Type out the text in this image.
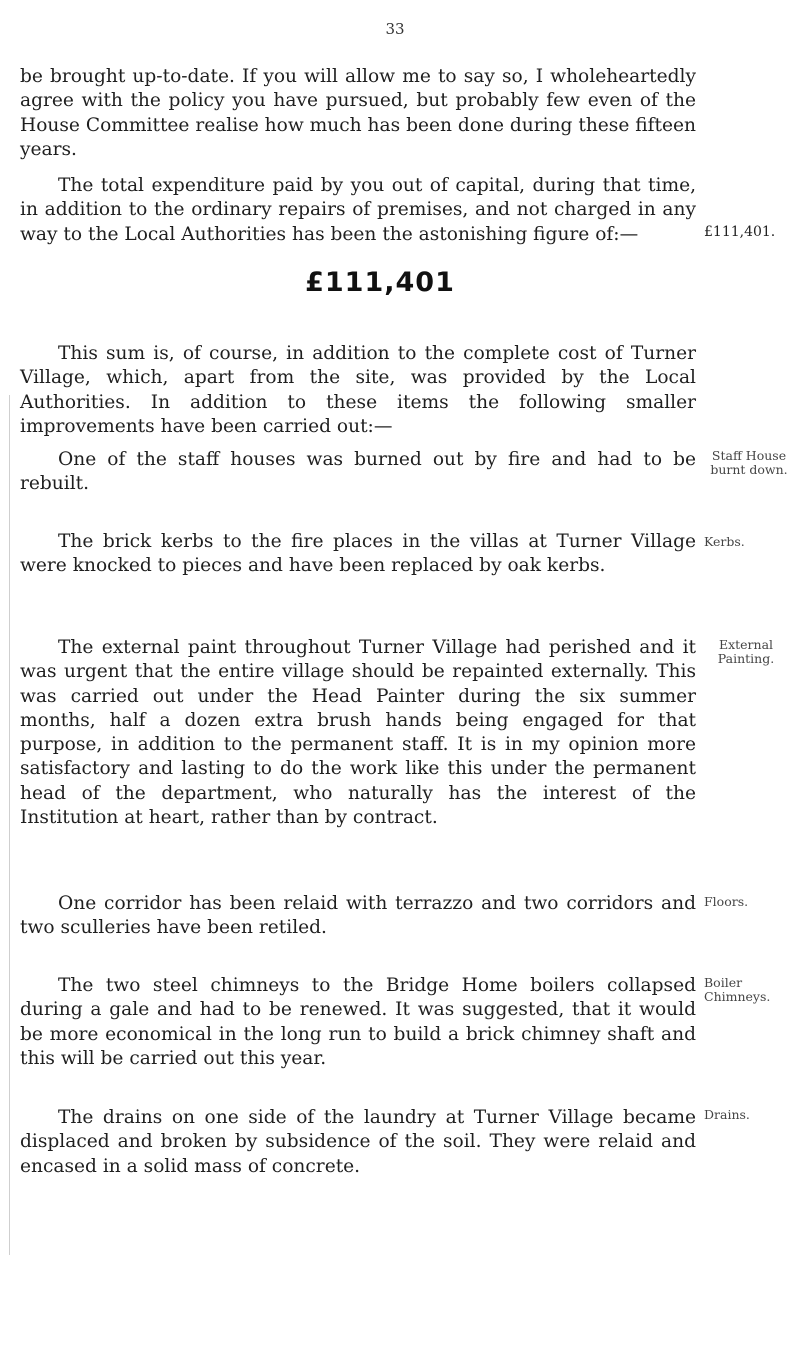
33

be brought up-to-date. If you will allow me to say so, I wholeheartedly agree with the policy you have pursued, but probably few even of the House Committee realise how much has been done during these fifteen years.

The total expenditure paid by you out of capital, during that time, in addition to the ordinary repairs of premises, and not charged in any way to the Local Authorities has been the astonishing figure of:—	£111,401.
£111,401

This sum is, of course, in addition to the complete cost of Turner Village, which, apart from the site, was provided by the Local Authorities. In addition to these items the following smaller improvements have been carried out:—

One of the staff houses was burned out by fire and had to be rebuilt.

Staff House burnt down.

The brick kerbs to the fire places in the villas at Turner Village were knocked to pieces and have been replaced by oak kerbs.

Kerbs.

The external paint throughout Turner Village had perished and it was urgent that the entire village should be repainted externally. This was carried out under the Head Painter during the six summer months, half a dozen extra brush hands being engaged for that purpose, in addition to the permanent staff. It is in my opinion more satisfactory and lasting to do the work like this under the permanent head of the department, who naturally has the interest of the Institution at heart, rather than by contract.

External Painting.

One corridor has been relaid with terrazzo and two corridors and two sculleries have been retiled.

Floors.

The two steel chimneys to the Bridge Home boilers collapsed during a gale and had to be renewed. It was suggested, that it would be more economical in the long run to build a brick chimney shaft and this will be carried out this year.

Boiler Chimneys.

The drains on one side of the laundry at Turner Village became displaced and broken by subsidence of the soil. They were relaid and encased in a solid mass of concrete.

Drains.
